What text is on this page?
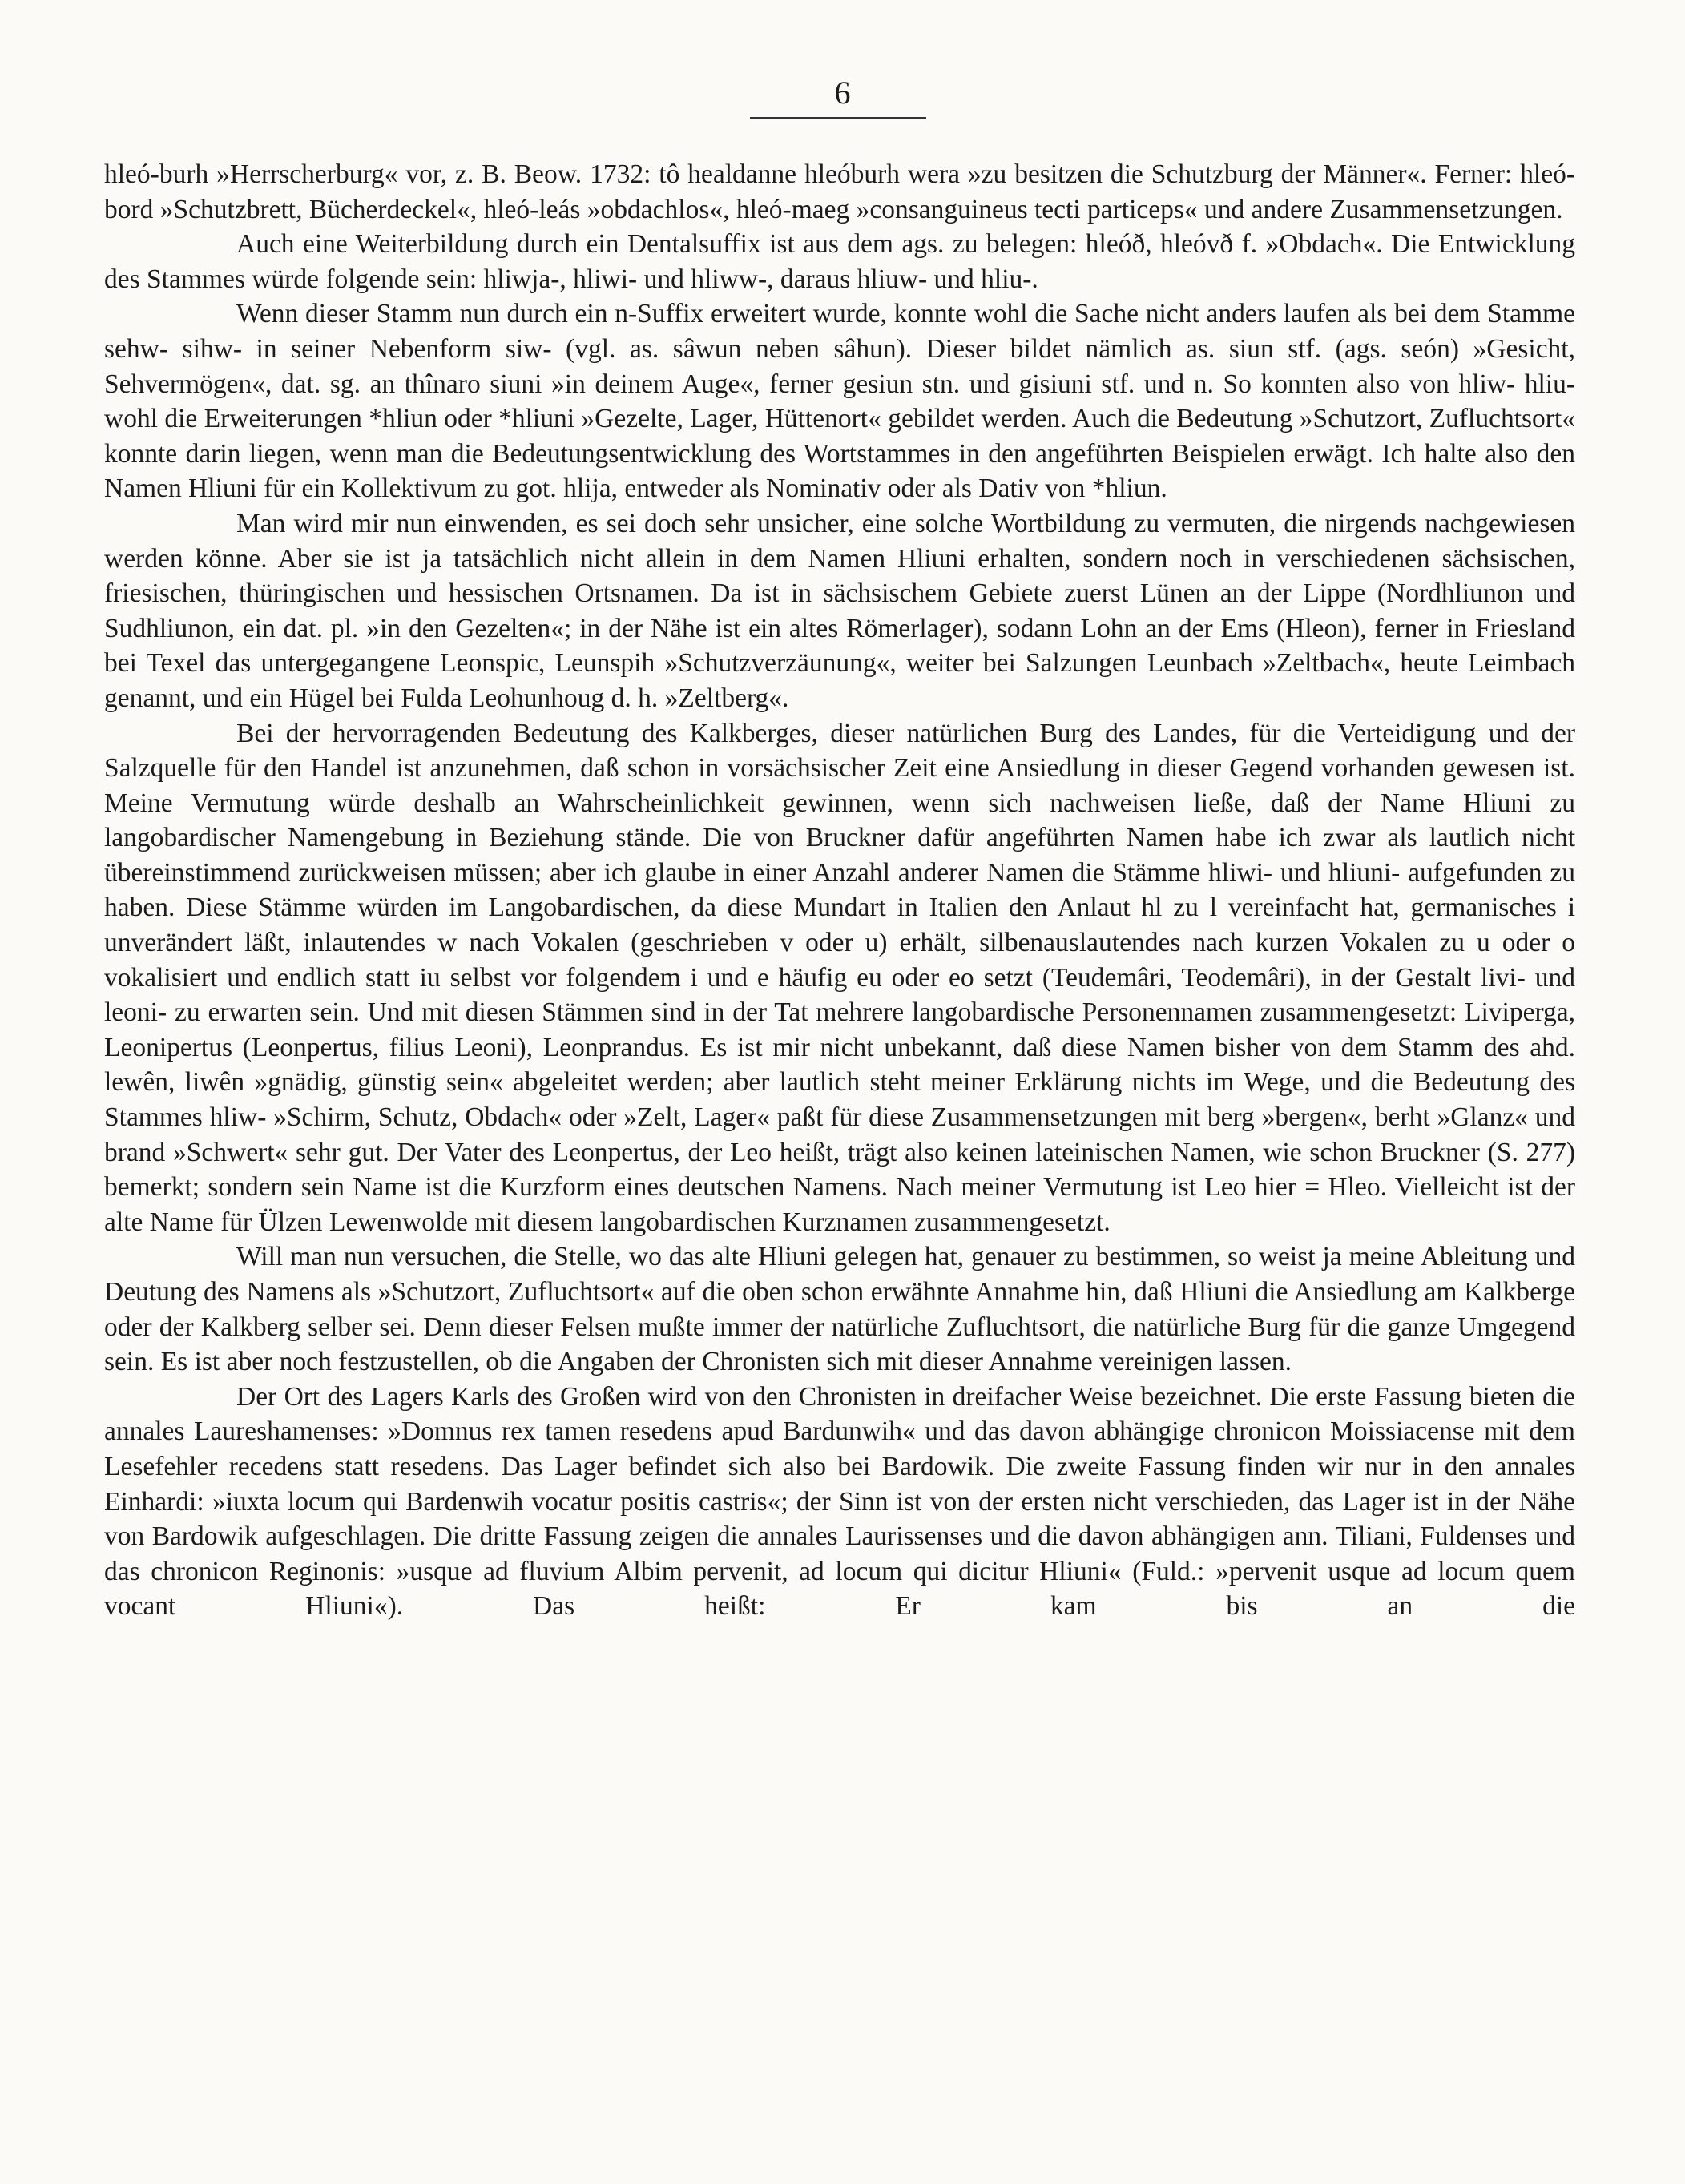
6

hleó-burh »Herrscherburg« vor, z. B. Beow. 1732: tô healdanne hleóburh wera »zu besitzen die Schutzburg der Männer«. Ferner: hleó-bord »Schutzbrett, Bücherdeckel«, hleó-leás »obdachlos«, hleó-maeg »consanguineus tecti particeps« und andere Zusammensetzungen.

Auch eine Weiterbildung durch ein Dentalsuffix ist aus dem ags. zu belegen: hleóð, hleóvð f. »Obdach«. Die Entwicklung des Stammes würde folgende sein: hliwja-, hliwi- und hliww-, daraus hliuw- und hliu-.

Wenn dieser Stamm nun durch ein n-Suffix erweitert wurde, konnte wohl die Sache nicht anders laufen als bei dem Stamme sehw- sihw- in seiner Nebenform siw- (vgl. as. sâwun neben sâhun). Dieser bildet nämlich as. siun stf. (ags. seón) »Gesicht, Sehvermögen«, dat. sg. an thînaro siuni »in deinem Auge«, ferner gesiun stn. und gisiuni stf. und n. So konnten also von hliw- hliu- wohl die Erweiterungen *hliun oder *hliuni »Gezelte, Lager, Hüttenort« gebildet werden. Auch die Bedeutung »Schutzort, Zufluchtsort« konnte darin liegen, wenn man die Bedeutungsentwicklung des Wortstammes in den angeführten Beispielen erwägt. Ich halte also den Namen Hliuni für ein Kollektivum zu got. hlija, entweder als Nominativ oder als Dativ von *hliun.

Man wird mir nun einwenden, es sei doch sehr unsicher, eine solche Wortbildung zu vermuten, die nirgends nachgewiesen werden könne. Aber sie ist ja tatsächlich nicht allein in dem Namen Hliuni erhalten, sondern noch in verschiedenen sächsischen, friesischen, thüringischen und hessischen Ortsnamen. Da ist in sächsischem Gebiete zuerst Lünen an der Lippe (Nordhliunon und Sudhliunon, ein dat. pl. »in den Gezelten«; in der Nähe ist ein altes Römerlager), sodann Lohn an der Ems (Hleon), ferner in Friesland bei Texel das untergegangene Leonspic, Leunspih »Schutzverzäunung«, weiter bei Salzungen Leunbach »Zeltbach«, heute Leimbach genannt, und ein Hügel bei Fulda Leohunhoug d. h. »Zeltberg«.

Bei der hervorragenden Bedeutung des Kalkberges, dieser natürlichen Burg des Landes, für die Verteidigung und der Salzquelle für den Handel ist anzunehmen, daß schon in vorsächsischer Zeit eine Ansiedlung in dieser Gegend vorhanden gewesen ist. Meine Vermutung würde deshalb an Wahrscheinlichkeit gewinnen, wenn sich nachweisen ließe, daß der Name Hliuni zu langobardischer Namengebung in Beziehung stände. Die von Bruckner dafür angeführten Namen habe ich zwar als lautlich nicht übereinstimmend zurückweisen müssen; aber ich glaube in einer Anzahl anderer Namen die Stämme hliwi- und hliuni- aufgefunden zu haben. Diese Stämme würden im Langobardischen, da diese Mundart in Italien den Anlaut hl zu l vereinfacht hat, germanisches i unverändert läßt, inlautendes w nach Vokalen (geschrieben v oder u) erhält, silbenauslautendes nach kurzen Vokalen zu u oder o vokalisiert und endlich statt iu selbst vor folgendem i und e häufig eu oder eo setzt (Teudemâri, Teodemâri), in der Gestalt livi- und leoni- zu erwarten sein. Und mit diesen Stämmen sind in der Tat mehrere langobardische Personennamen zusammengesetzt: Liviperga, Leonipertus (Leonpertus, filius Leoni), Leonprandus. Es ist mir nicht unbekannt, daß diese Namen bisher von dem Stamm des ahd. lewên, liwên »gnädig, günstig sein« abgeleitet werden; aber lautlich steht meiner Erklärung nichts im Wege, und die Bedeutung des Stammes hliw- »Schirm, Schutz, Obdach« oder »Zelt, Lager« paßt für diese Zusammensetzungen mit berg »bergen«, berht »Glanz« und brand »Schwert« sehr gut. Der Vater des Leonpertus, der Leo heißt, trägt also keinen lateinischen Namen, wie schon Bruckner (S. 277) bemerkt; sondern sein Name ist die Kurzform eines deutschen Namens. Nach meiner Vermutung ist Leo hier = Hleo. Vielleicht ist der alte Name für Ülzen Lewenwolde mit diesem langobardischen Kurznamen zusammengesetzt.

Will man nun versuchen, die Stelle, wo das alte Hliuni gelegen hat, genauer zu bestimmen, so weist ja meine Ableitung und Deutung des Namens als »Schutzort, Zufluchtsort« auf die oben schon erwähnte Annahme hin, daß Hliuni die Ansiedlung am Kalkberge oder der Kalkberg selber sei. Denn dieser Felsen mußte immer der natürliche Zufluchtsort, die natürliche Burg für die ganze Umgegend sein. Es ist aber noch festzustellen, ob die Angaben der Chronisten sich mit dieser Annahme vereinigen lassen.

Der Ort des Lagers Karls des Großen wird von den Chronisten in dreifacher Weise bezeichnet. Die erste Fassung bieten die annales Laureshamenses: »Domnus rex tamen resedens apud Bardunwih« und das davon abhängige chronicon Moissiacense mit dem Lesefehler recedens statt resedens. Das Lager befindet sich also bei Bardowik. Die zweite Fassung finden wir nur in den annales Einhardi: »iuxta locum qui Bardenwih vocatur positis castris«; der Sinn ist von der ersten nicht verschieden, das Lager ist in der Nähe von Bardowik aufgeschlagen. Die dritte Fassung zeigen die annales Laurissenses und die davon abhängigen ann. Tiliani, Fuldenses und das chronicon Reginonis: »usque ad fluvium Albim pervenit, ad locum qui dicitur Hliuni« (Fuld.: »pervenit usque ad locum quem vocant Hliuni«). Das heißt: Er kam bis an die
